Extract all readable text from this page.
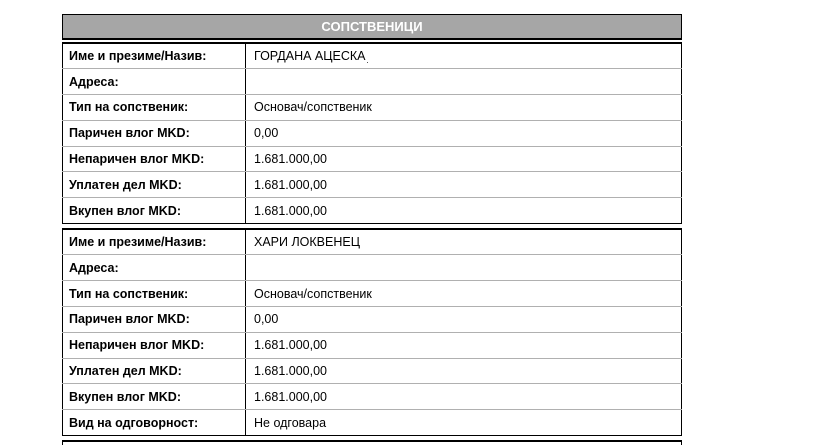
СОПСТВЕНИЦИ
Име и презиме/Назив:	ГОРДАНА АЦЕСКА
Адреса:	
Тип на сопственик:	Основач/сопственик
Паричен влог MKD:	0,00
Непаричен влог MKD:	1.681.000,00
Уплатен дел MKD:	1.681.000,00
Вкупен влог MKD:	1.681.000,00
Име и презиме/Назив:	ХАРИ ЛОКВЕНЕЦ
Адреса:	
Тип на сопственик:	Основач/сопственик
Паричен влог MKD:	0,00
Непаричен влог MKD:	1.681.000,00
Уплатен дел MKD:	1.681.000,00
Вкупен влог MKD:	1.681.000,00
Вид на одговорност:	Не одговара
